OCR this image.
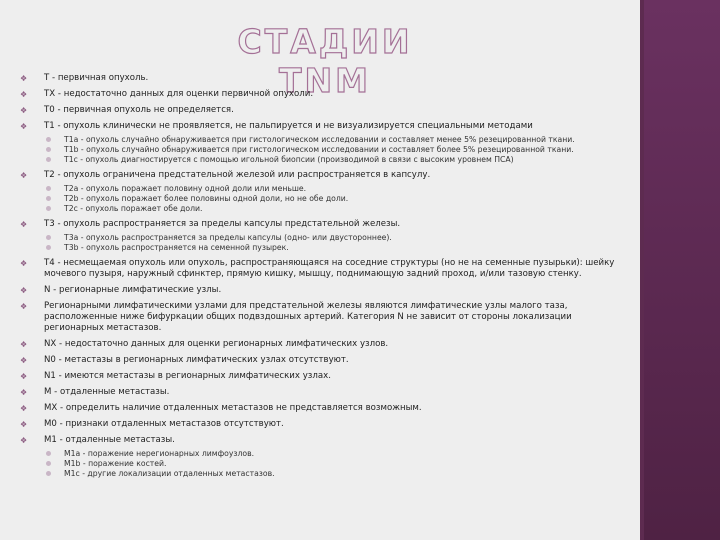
СТАДИИ TNM
❖ T - первичная опухоль.
❖ TX - недостаточно данных для оценки первичной опухоли.
❖ T0 - первичная опухоль не определяется.
❖ T1 - опухоль клинически не проявляется, не пальпируется и не визуализируется специальными методами
T1a - опухоль случайно обнаруживается при гистологическом исследовании и составляет менее 5% резецированной ткани.
T1b - опухоль случайно обнаруживается при гистологическом исследовании и составляет более 5% резецированной ткани.
T1c - опухоль диагностируется с помощью игольной биопсии (производимой в связи с высоким уровнем ПСА)
❖ T2 - опухоль ограничена предстательной железой или распространяется в капсулу.
T2a - опухоль поражает половину одной доли или меньше.
T2b - опухоль поражает более половины одной доли, но не обе доли.
T2c - опухоль поражает обе доли.
❖ T3 - опухоль распространяется за пределы капсулы предстательной железы.
T3a - опухоль распространяется за пределы капсулы (одно- или двустороннее).
T3b - опухоль распространяется на семенной пузырек.
❖ T4 - несмещаемая опухоль или опухоль, распространяющаяся на соседние структуры (но не на семенные пузырьки): шейку мочевого пузыря, наружный сфинктер, прямую кишку, мышцу, поднимающую задний проход, и/или тазовую стенку.
❖ N - регионарные лимфатические узлы.
❖ Регионарными лимфатическими узлами для предстательной железы являются лимфатические узлы малого таза, расположенные ниже бифуркации общих подвздошных артерий. Категория N не зависит от стороны локализации регионарных метастазов.
❖ NX - недостаточно данных для оценки регионарных лимфатических узлов.
❖ N0 - метастазы в регионарных лимфатических узлах отсутствуют.
❖ N1 - имеются метастазы в регионарных лимфатических узлах.
❖ M - отдаленные метастазы.
❖ MX - определить наличие отдаленных метастазов не представляется возможным.
❖ M0 - признаки отдаленных метастазов отсутствуют.
❖ M1 - отдаленные метастазы.
M1a - поражение нерегионарных лимфоузлов.
M1b - поражение костей.
M1c - другие локализации отдаленных метастазов.
